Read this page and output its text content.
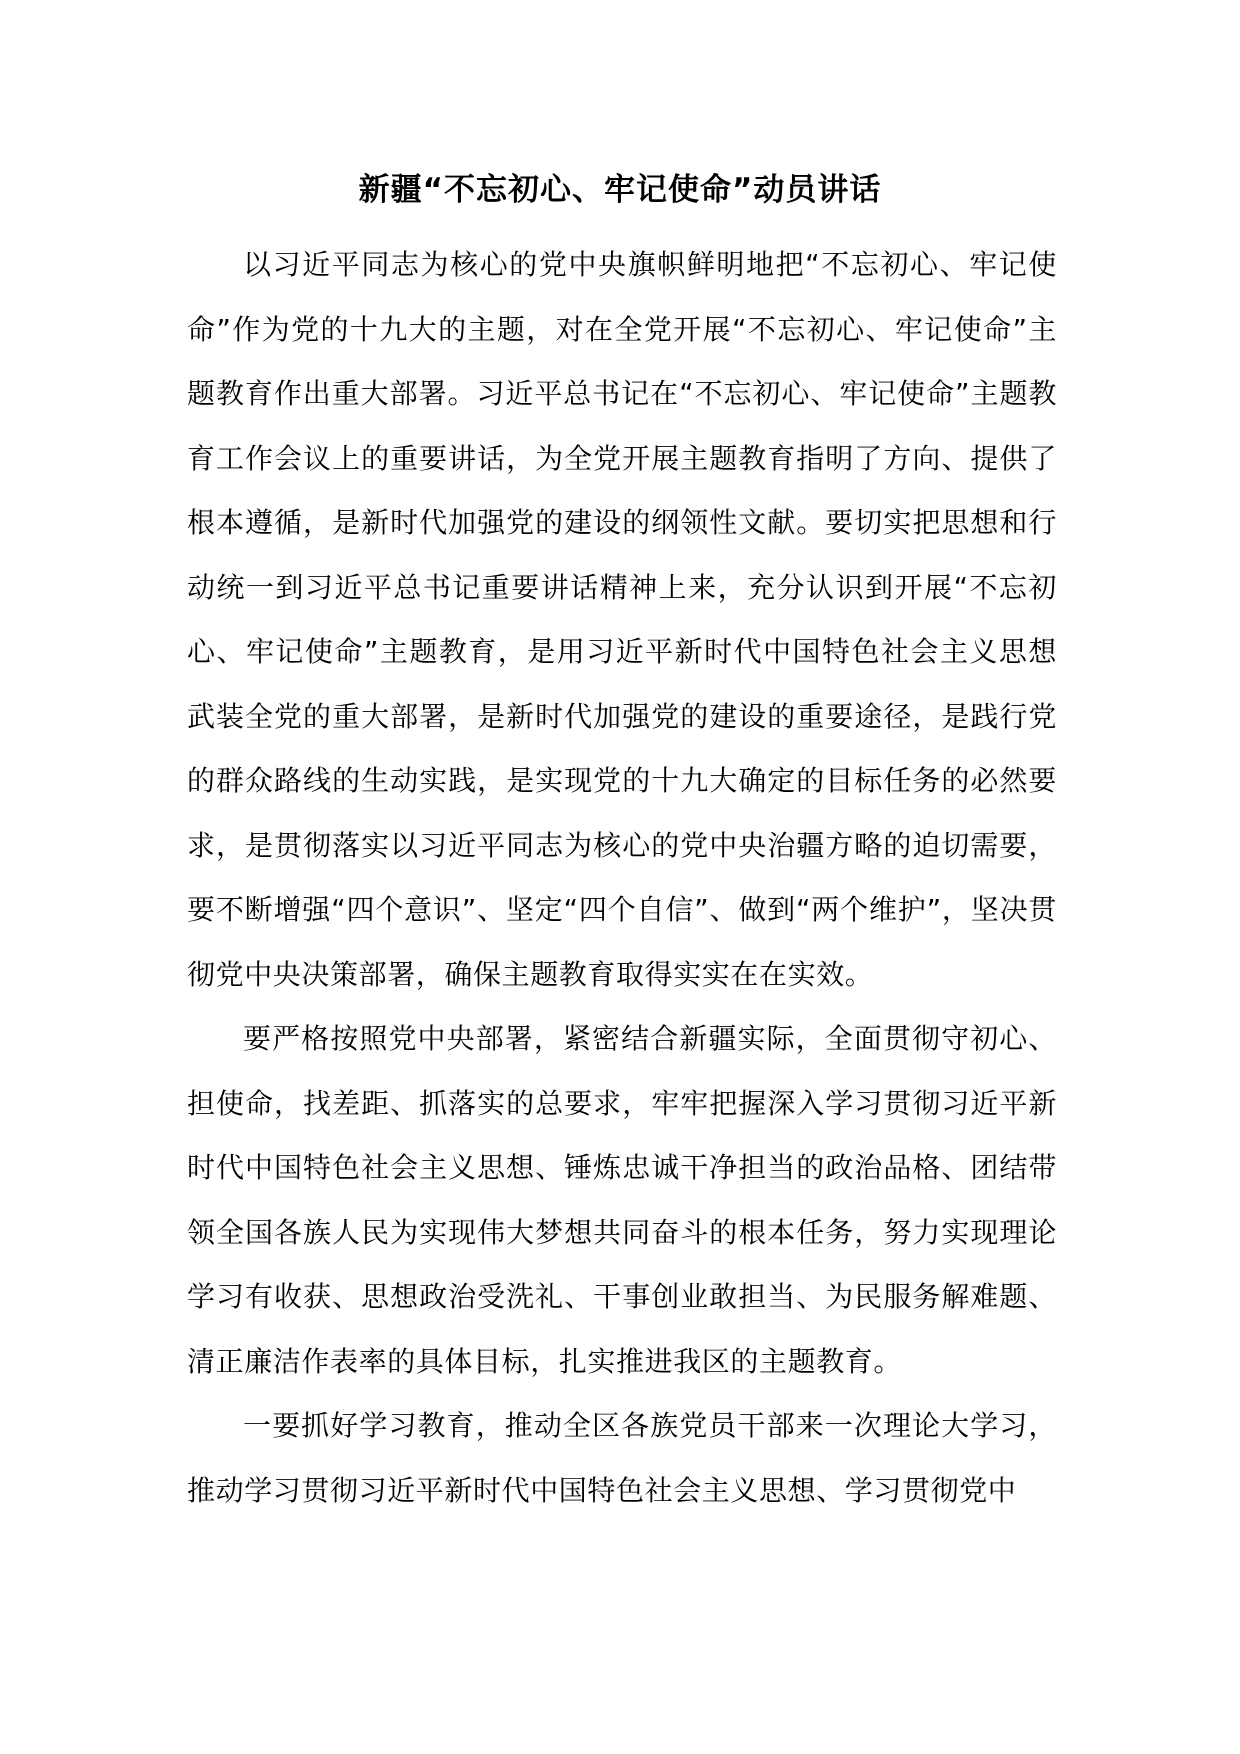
新疆“不忘初心、牢记使命”动员讲话

以习近平同志为核心的党中央旗帜鲜明地把“不忘初心、牢记使命”作为党的十九大的主题，对在全党开展“不忘初心、牢记使命”主题教育作出重大部署。习近平总书记在“不忘初心、牢记使命”主题教育工作会议上的重要讲话，为全党开展主题教育指明了方向、提供了根本遵循，是新时代加强党的建设的纲领性文献。要切实把思想和行动统一到习近平总书记重要讲话精神上来，充分认识到开展“不忘初心、牢记使命”主题教育，是用习近平新时代中国特色社会主义思想武装全党的重大部署，是新时代加强党的建设的重要途径，是践行党的群众路线的生动实践，是实现党的十九大确定的目标任务的必然要求，是贯彻落实以习近平同志为核心的党中央治疆方略的迫切需要，要不断增强“四个意识”、坚定“四个自信”、做到“两个维护”，坚决贯彻党中央决策部署，确保主题教育取得实实在在实效。

要严格按照党中央部署，紧密结合新疆实际，全面贯彻守初心、担使命，找差距、抓落实的总要求，牢牢把握深入学习贯彻习近平新时代中国特色社会主义思想、锤炼忠诚干净担当的政治品格、团结带领全国各族人民为实现伟大梦想共同奋斗的根本任务，努力实现理论学习有收获、思想政治受洗礼、干事创业敢担当、为民服务解难题、清正廉洁作表率的具体目标，扎实推进我区的主题教育。

一要抓好学习教育，推动全区各族党员干部来一次理论大学习，推动学习贯彻习近平新时代中国特色社会主义思想、学习贯彻党中
